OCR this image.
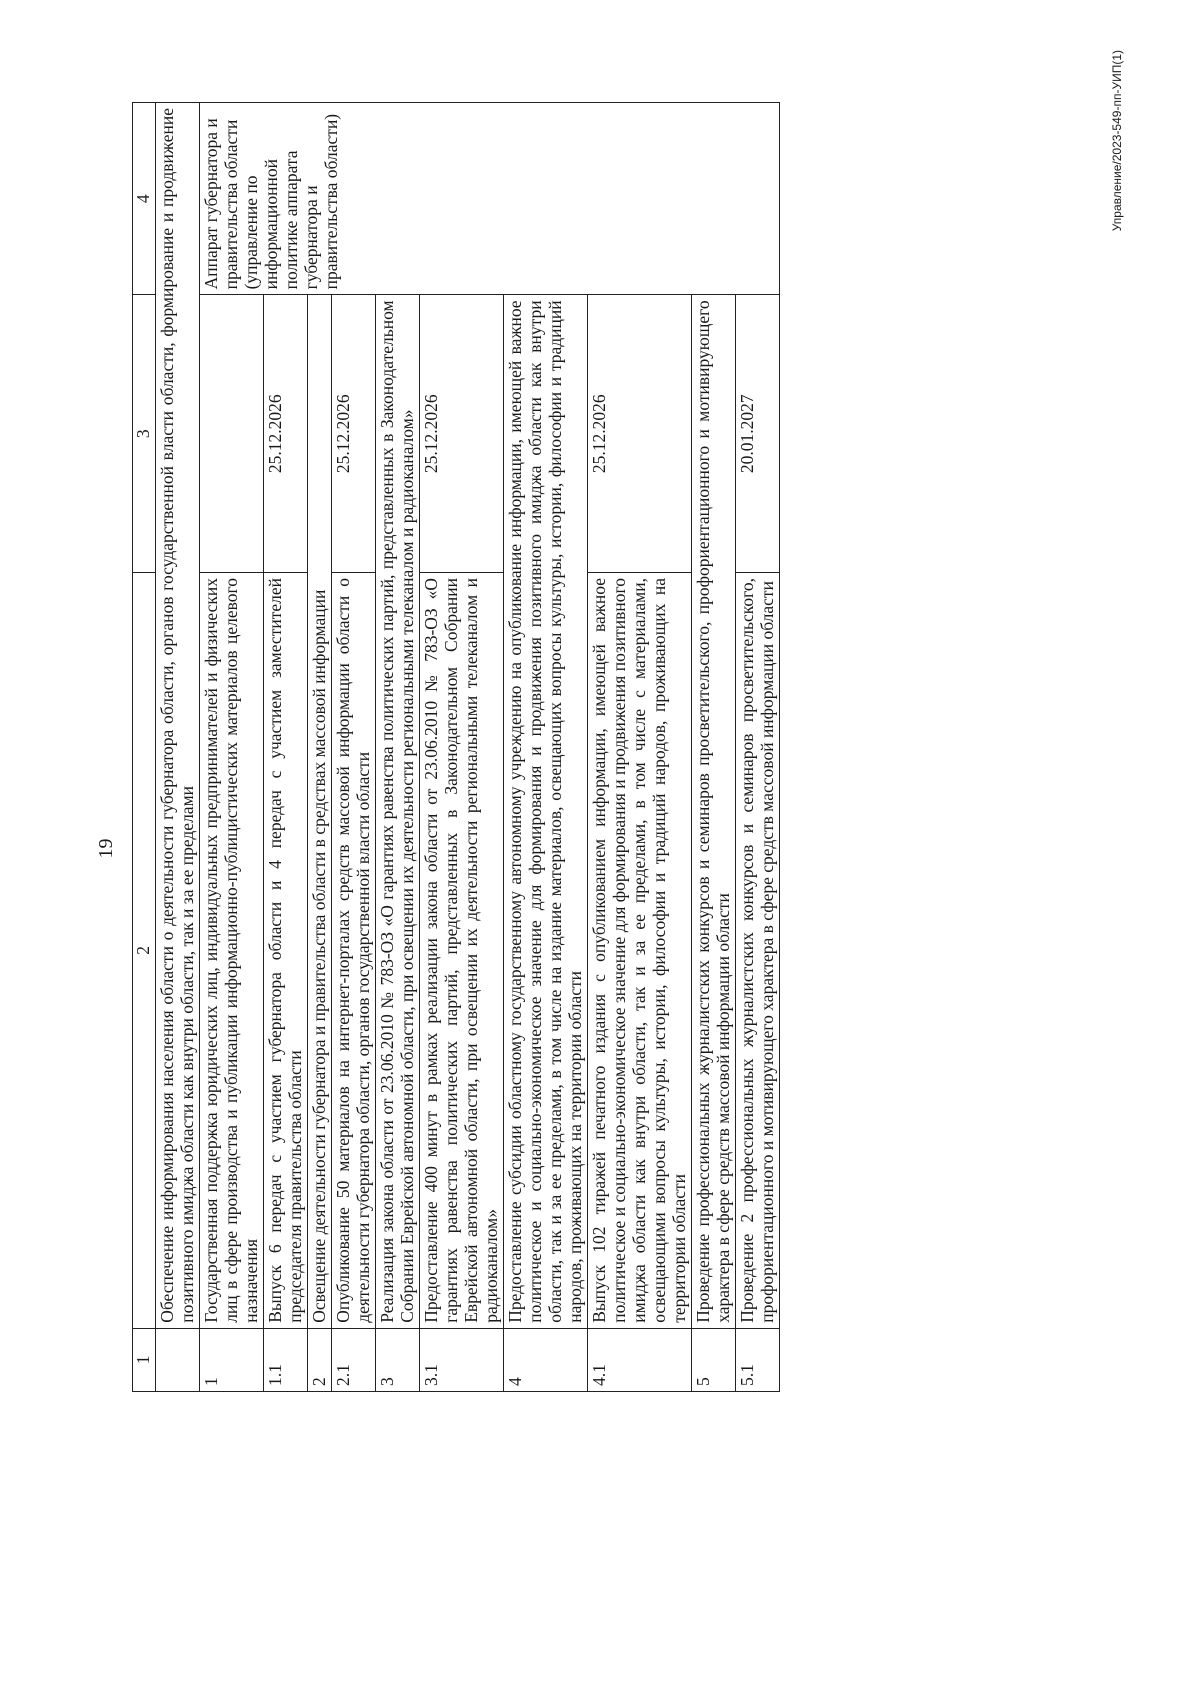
19
1	2	3	4
	Обеспечение информирования населения области о деятельности губернатора области, органов государственной власти области, формирование и продвижение позитивного имиджа области как внутри области, так и за ее пределами		
1	Государственная поддержка юридических лиц, индивидуальных предпринимателей и физических лиц в сфере производства и публикации информационно-публицистических материалов целевого назначения		Аппарат губернатора и правительства области (управление по информационной политике аппарата губернатора и правительства области)
1.1	Выпуск 6 передач с участием губернатора области и 4 передач с участием заместителей председателя правительства области	25.12.2026	
2	Освещение деятельности губернатора и правительства области в средствах массовой информации		
2.1	Опубликование 50 материалов на интернет-порталах средств массовой информации области о деятельности губернатора области, органов государственной власти области	25.12.2026	
3	Реализация закона области от 23.06.2010 № 783-ОЗ «О гарантиях равенства политических партий, представленных в Законодательном Собрании Еврейской автономной области, при освещении их деятельности региональными телеканалом и радиоканалом»		
3.1	Предоставление 400 минут в рамках реализации закона области от 23.06.2010 № 783-ОЗ «О гарантиях равенства политических партий, представленных в Законодательном Собрании Еврейской автономной области, при освещении их деятельности региональными телеканалом и радиоканалом»	25.12.2026	
4	Предоставление субсидии областному государственному автономному учреждению на опубликование информации, имеющей важное политическое и социально-экономическое значение для формирования и продвижения позитивного имиджа области как внутри области, так и за ее пределами, в том числе на издание материалов, освещающих вопросы культуры, истории, философии и традиций народов, проживающих на территории области		
4.1	Выпуск 102 тиражей печатного издания с опубликованием информации, имеющей важное политическое и социально-экономическое значение для формирования и продвижения позитивного имиджа области как внутри области, так и за ее пределами, в том числе с материалами, освещающими вопросы культуры, истории, философии и традиций народов, проживающих на территории области	25.12.2026	
5	Проведение профессиональных журналистских конкурсов и семинаров просветительского, профориентационного и мотивирующего характера в сфере средств массовой информации области		
5.1	Проведение 2 профессиональных журналистских конкурсов и семинаров просветительского, профориентационного и мотивирующего характера в сфере средств массовой информации области	20.01.2027	
Управление/2023-549-пп-УИП(1)
